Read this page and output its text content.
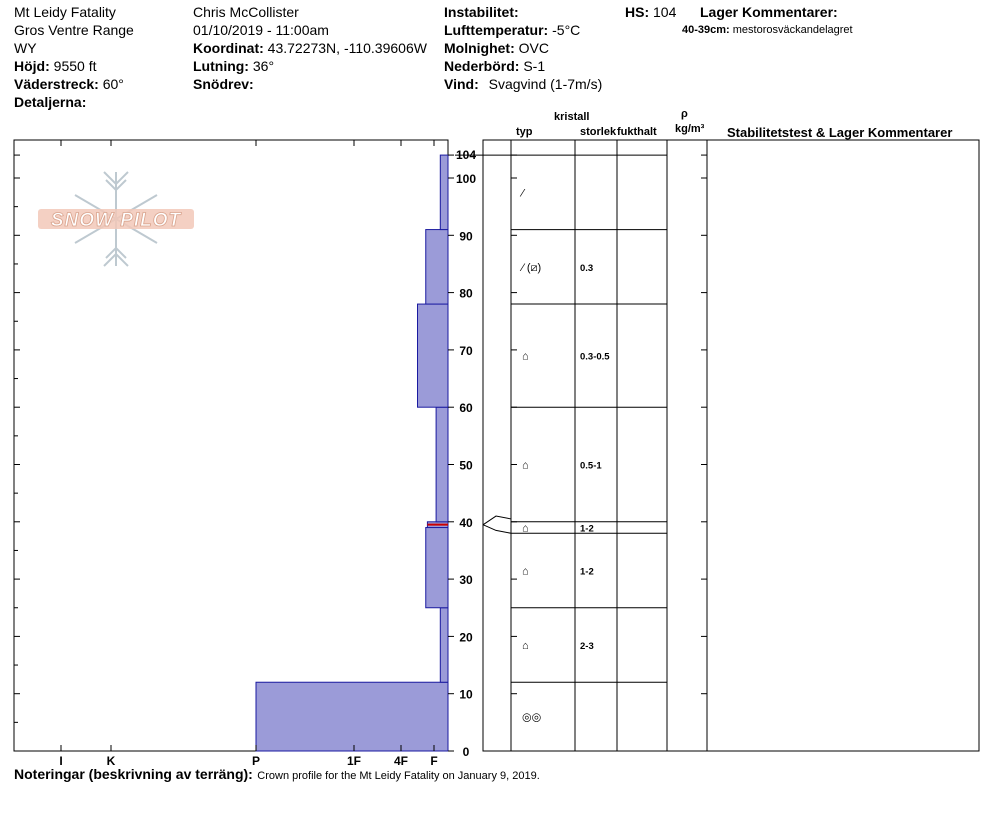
Mt Leidy Fatality
Gros Ventre Range
WY
Höjd: 9550 ft
Väderstreck: 60°
Detaljerna:
Chris McCollister
01/10/2019 - 11:00am
Koordinat: 43.72273N, -110.39606W
Lutning: 36°
Snödrev:
Instabilitet:
Lufttemperatur: -5°C
Molnighet: OVC
Nederbörd: S-1
Vind: Svagvind (1-7m/s)
HS: 104 Lager Kommentarer:
40-39cm: mestorosväckandelagret
kristall
typ	storlek fukthalt
ρ
kg/m³ Stabilitetstest & Lager Kommentarer
SNOW PILOT
0
10
20
30
40
50
60
70
80
90
100
104
I	K	P	1F	4F F
⁄
⁄ (⧄)	0.3
⌂	0.3-0.5
⌂	0.5-1
⌂	1-2
⌂	1-2
⌂	2-3
◎◎
Noteringar (beskrivning av terräng): Crown profile for the Mt Leidy Fatality on January 9, 2019.
